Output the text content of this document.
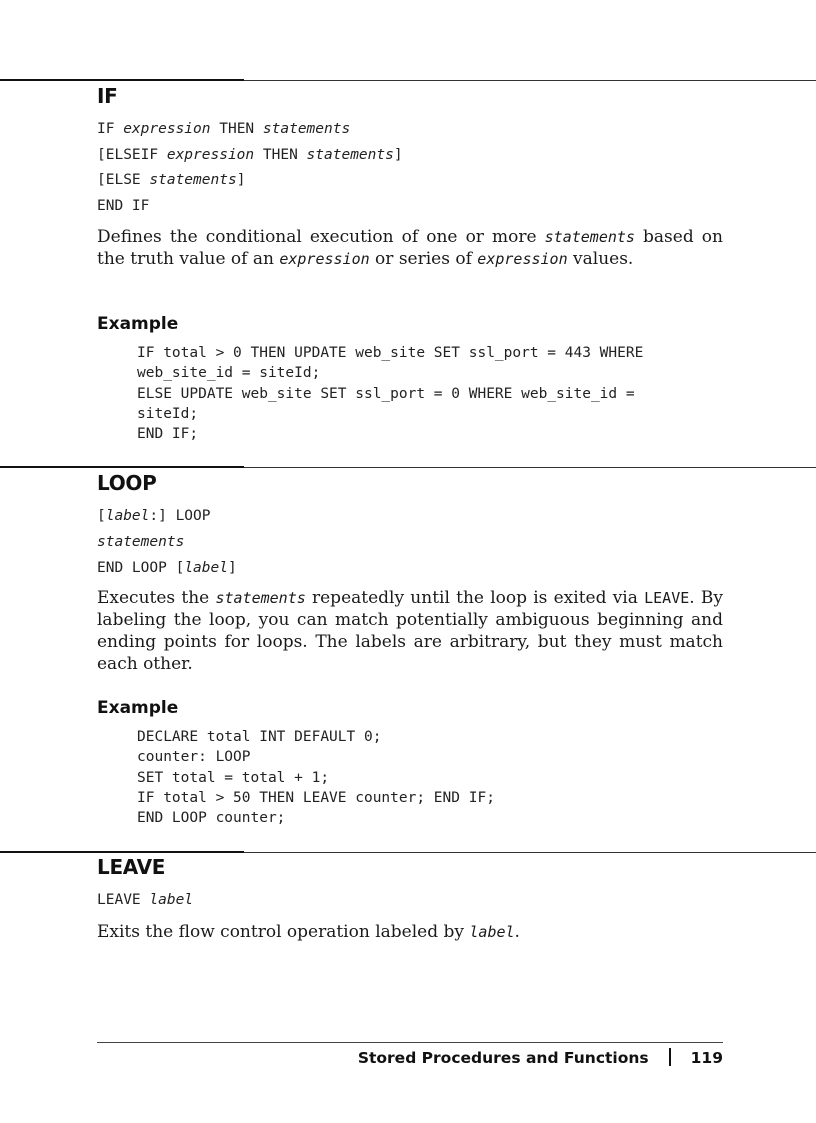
IF
IF expression THEN statements
[ELSEIF expression THEN statements]
[ELSE statements]
END IF
Defines the conditional execution of one or more statements based on the truth value of an expression or series of expression values.
Example
IF total > 0 THEN UPDATE web_site SET ssl_port = 443 WHERE
web_site_id = siteId;
ELSE UPDATE web_site SET ssl_port = 0 WHERE web_site_id =
siteId;
END IF;
LOOP
[label:] LOOP
statements
END LOOP [label]
Executes the statements repeatedly until the loop is exited via LEAVE. By labeling the loop, you can match potentially ambiguous beginning and ending points for loops. The labels are arbitrary, but they must match each other.
Example
DECLARE total INT DEFAULT 0;
counter: LOOP
SET total = total + 1;
IF total > 50 THEN LEAVE counter; END IF;
END LOOP counter;
LEAVE
LEAVE label
Exits the flow control operation labeled by label.
Stored Procedures and Functions	119
